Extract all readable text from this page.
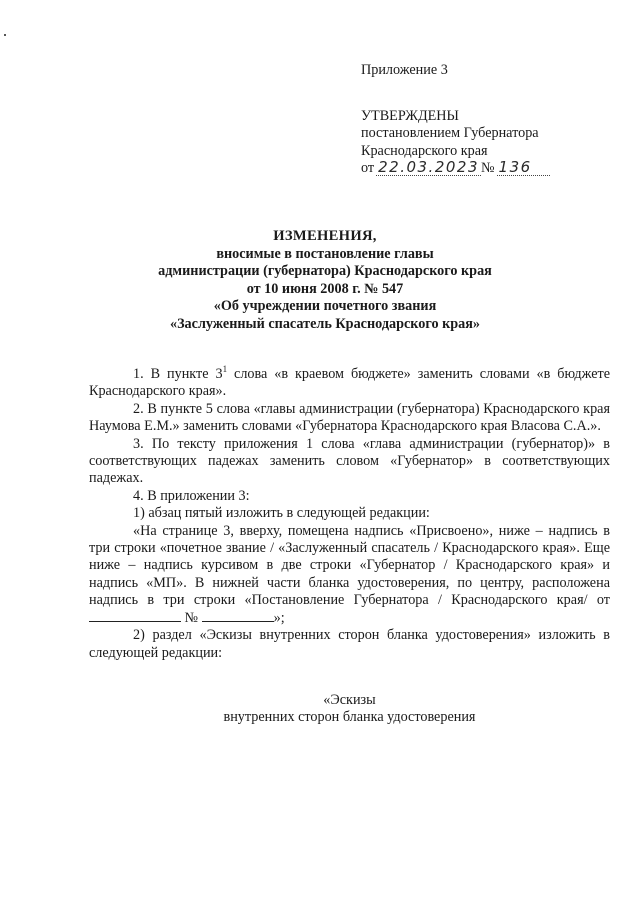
Приложение 3

УТВЕРЖДЕНЫ

постановлением Губернатора

Краснодарского края

от 22.03.2023 № 136
ИЗМЕНЕНИЯ,
вносимые в постановление главы
администрации (губернатора) Краснодарского края
от 10 июня 2008 г. № 547
«Об учреждении почетного звания
«Заслуженный спасатель Краснодарского края»

1. В пункте $3^1$ слова «в краевом бюджете» заменить словами «в бюджете Краснодарского края».

2. В пункте 5 слова «главы администрации (губернатора) Краснодарского края Наумова Е.М.» заменить словами «Губернатора Краснодарского края Власова С.А.».

3. По тексту приложения 1 слова «глава администрации (губернатор)» в соответствующих падежах заменить словом «Губернатор» в соответствующих падежах.

4. В приложении 3:

1) абзац пятый изложить в следующей редакции:

«На странице 3, вверху, помещена надпись «Присвоено», ниже – надпись в три строки «почетное звание / «Заслуженный спасатель / Краснодарского края». Еще ниже – надпись курсивом в две строки «Губернатор / Краснодарского края» и надпись «МП». В нижней части бланка удостоверения, по центру, расположена надпись в три строки «Постановление Губернатора / Краснодарского края/ от  №	»;

2) раздел «Эскизы внутренних сторон бланка удостоверения» изложить в следующей редакции:

«Эскизы

внутренних сторон бланка удостоверения
